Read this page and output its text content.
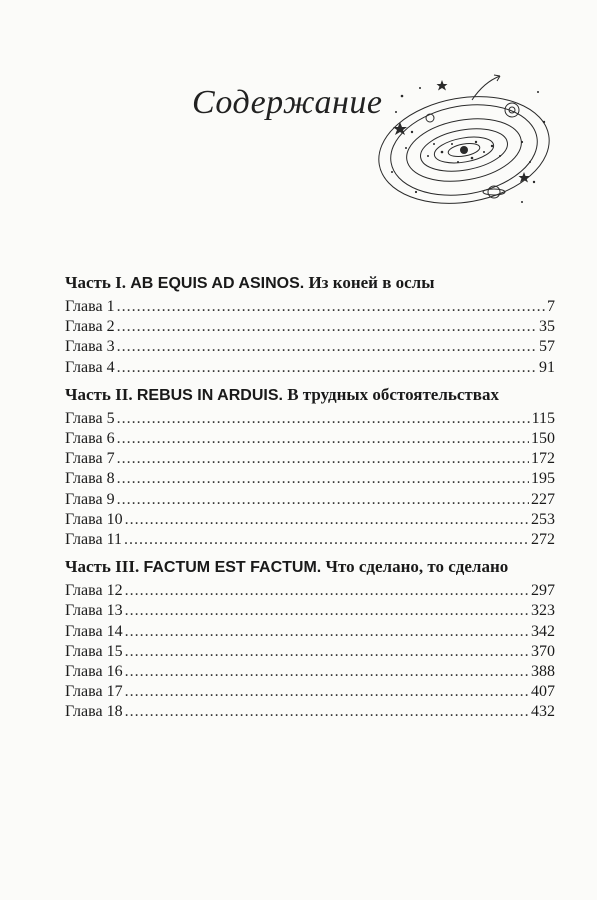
Содержание
Часть I. AB EQUIS AD ASINOS. Из коней в ослы
Глава 1 .....	7
Глава 2 .....	35
Глава 3 .....	57
Глава 4 .....	91
Часть II. REBUS IN ARDUIS. В трудных обстоятельствах
Глава 5 .....	115
Глава 6 .....	150
Глава 7 .....	172
Глава 8 .....	195
Глава 9 .....	227
Глава 10 .....	253
Глава 11 .....	272
Часть III. FACTUM EST FACTUM. Что сделано, то сделано
Глава 12 .....	297
Глава 13 .....	323
Глава 14 .....	342
Глава 15 .....	370
Глава 16 .....	388
Глава 17 .....	407
Глава 18 .....	432
